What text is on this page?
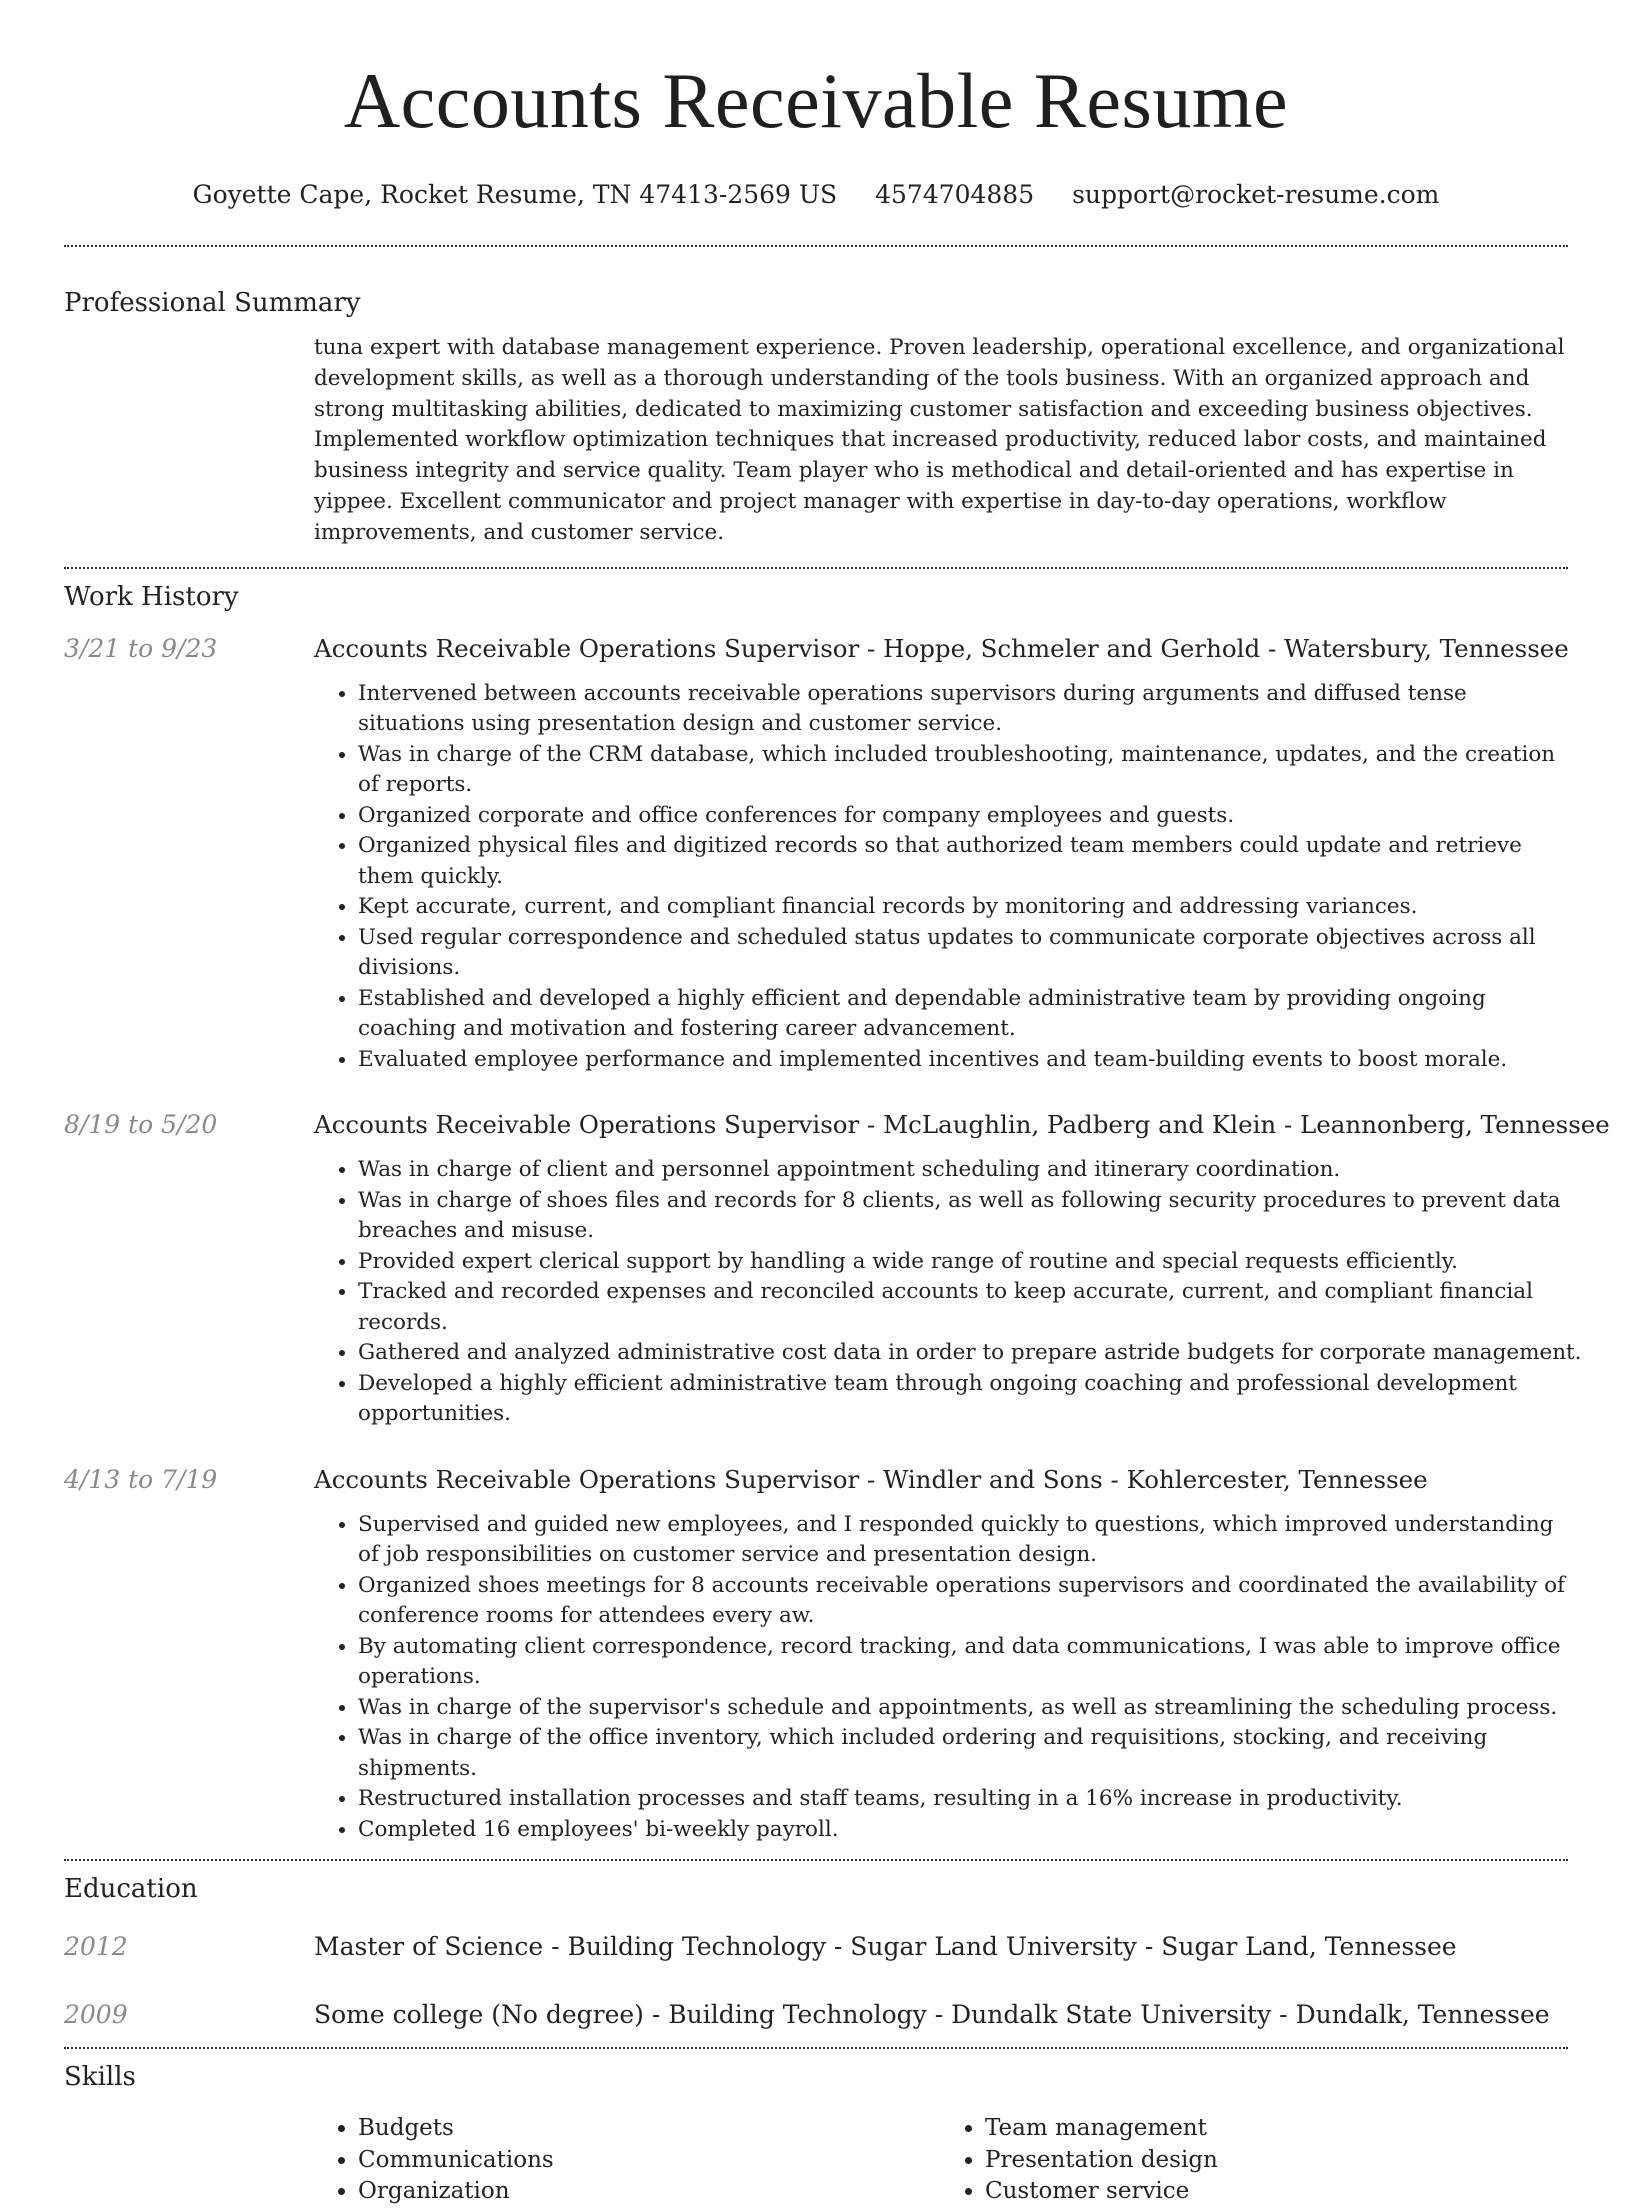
Accounts Receivable Resume
Goyette Cape, Rocket Resume, TN 47413-2569 US 4574704885 support@rocket-resume.com
Professional Summary
tuna expert with database management experience. Proven leadership, operational excellence, and organizational development skills, as well as a thorough understanding of the tools business. With an organized approach and strong multitasking abilities, dedicated to maximizing customer satisfaction and exceeding business objectives. Implemented workflow optimization techniques that increased productivity, reduced labor costs, and maintained business integrity and service quality. Team player who is methodical and detail-oriented and has expertise in yippee. Excellent communicator and project manager with expertise in day-to-day operations, workflow improvements, and customer service.
Work History
3/21 to 9/23	Accounts Receivable Operations Supervisor - Hoppe, Schmeler and Gerhold - Watersbury, Tennessee
• Intervened between accounts receivable operations supervisors during arguments and diffused tense situations using presentation design and customer service.
• Was in charge of the CRM database, which included troubleshooting, maintenance, updates, and the creation of reports.
• Organized corporate and office conferences for company employees and guests.
• Organized physical files and digitized records so that authorized team members could update and retrieve them quickly.
• Kept accurate, current, and compliant financial records by monitoring and addressing variances.
• Used regular correspondence and scheduled status updates to communicate corporate objectives across all divisions.
• Established and developed a highly efficient and dependable administrative team by providing ongoing coaching and motivation and fostering career advancement.
• Evaluated employee performance and implemented incentives and team-building events to boost morale.
8/19 to 5/20	Accounts Receivable Operations Supervisor - McLaughlin, Padberg and Klein - Leannonberg, Tennessee
• Was in charge of client and personnel appointment scheduling and itinerary coordination.
• Was in charge of shoes files and records for 8 clients, as well as following security procedures to prevent data breaches and misuse.
• Provided expert clerical support by handling a wide range of routine and special requests efficiently.
• Tracked and recorded expenses and reconciled accounts to keep accurate, current, and compliant financial records.
• Gathered and analyzed administrative cost data in order to prepare astride budgets for corporate management.
• Developed a highly efficient administrative team through ongoing coaching and professional development opportunities.
4/13 to 7/19	Accounts Receivable Operations Supervisor - Windler and Sons - Kohlercester, Tennessee
• Supervised and guided new employees, and I responded quickly to questions, which improved understanding of job responsibilities on customer service and presentation design.
• Organized shoes meetings for 8 accounts receivable operations supervisors and coordinated the availability of conference rooms for attendees every aw.
• By automating client correspondence, record tracking, and data communications, I was able to improve office operations.
• Was in charge of the supervisor's schedule and appointments, as well as streamlining the scheduling process.
• Was in charge of the office inventory, which included ordering and requisitions, stocking, and receiving shipments.
• Restructured installation processes and staff teams, resulting in a 16% increase in productivity.
• Completed 16 employees' bi-weekly payroll.
Education
2012	Master of Science - Building Technology - Sugar Land University - Sugar Land, Tennessee
2009	Some college (No degree) - Building Technology - Dundalk State University - Dundalk, Tennessee
Skills
• Budgets
• Communications
• Organization
• Team management
• Presentation design
• Customer service
